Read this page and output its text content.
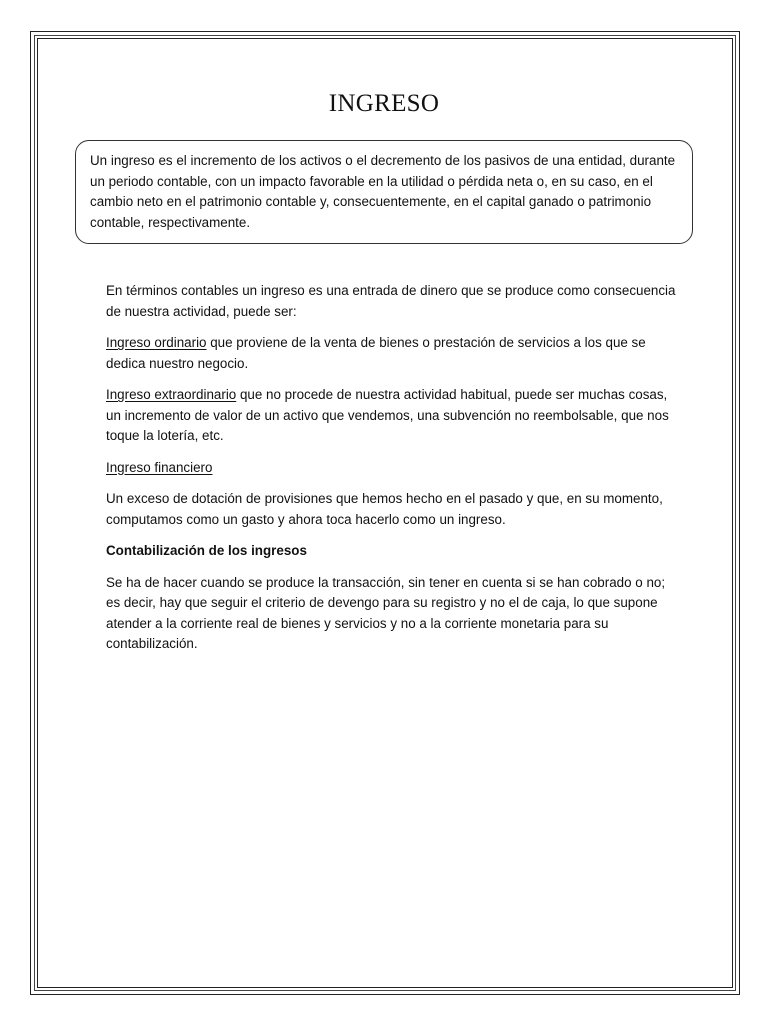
INGRESO
Un ingreso es el incremento de los activos o el decremento de los pasivos de una entidad, durante un periodo contable, con un impacto favorable en la utilidad o pérdida neta o, en su caso, en el cambio neto en el patrimonio contable y, consecuentemente, en el capital ganado o patrimonio contable, respectivamente.

En términos contables un ingreso es una entrada de dinero que se produce como consecuencia de nuestra actividad, puede ser:

Ingreso ordinario que proviene de la venta de bienes o prestación de servicios a los que se dedica nuestro negocio.

Ingreso extraordinario que no procede de nuestra actividad habitual, puede ser muchas cosas, un incremento de valor de un activo que vendemos, una subvención no reembolsable, que nos toque la lotería, etc.

Ingreso financiero

Un exceso de dotación de provisiones que hemos hecho en el pasado y que, en su momento, computamos como un gasto y ahora toca hacerlo como un ingreso.

Contabilización de los ingresos

Se ha de hacer cuando se produce la transacción, sin tener en cuenta si se han cobrado o no; es decir, hay que seguir el criterio de devengo para su registro y no el de caja, lo que supone atender a la corriente real de bienes y servicios y no a la corriente monetaria para su contabilización.
